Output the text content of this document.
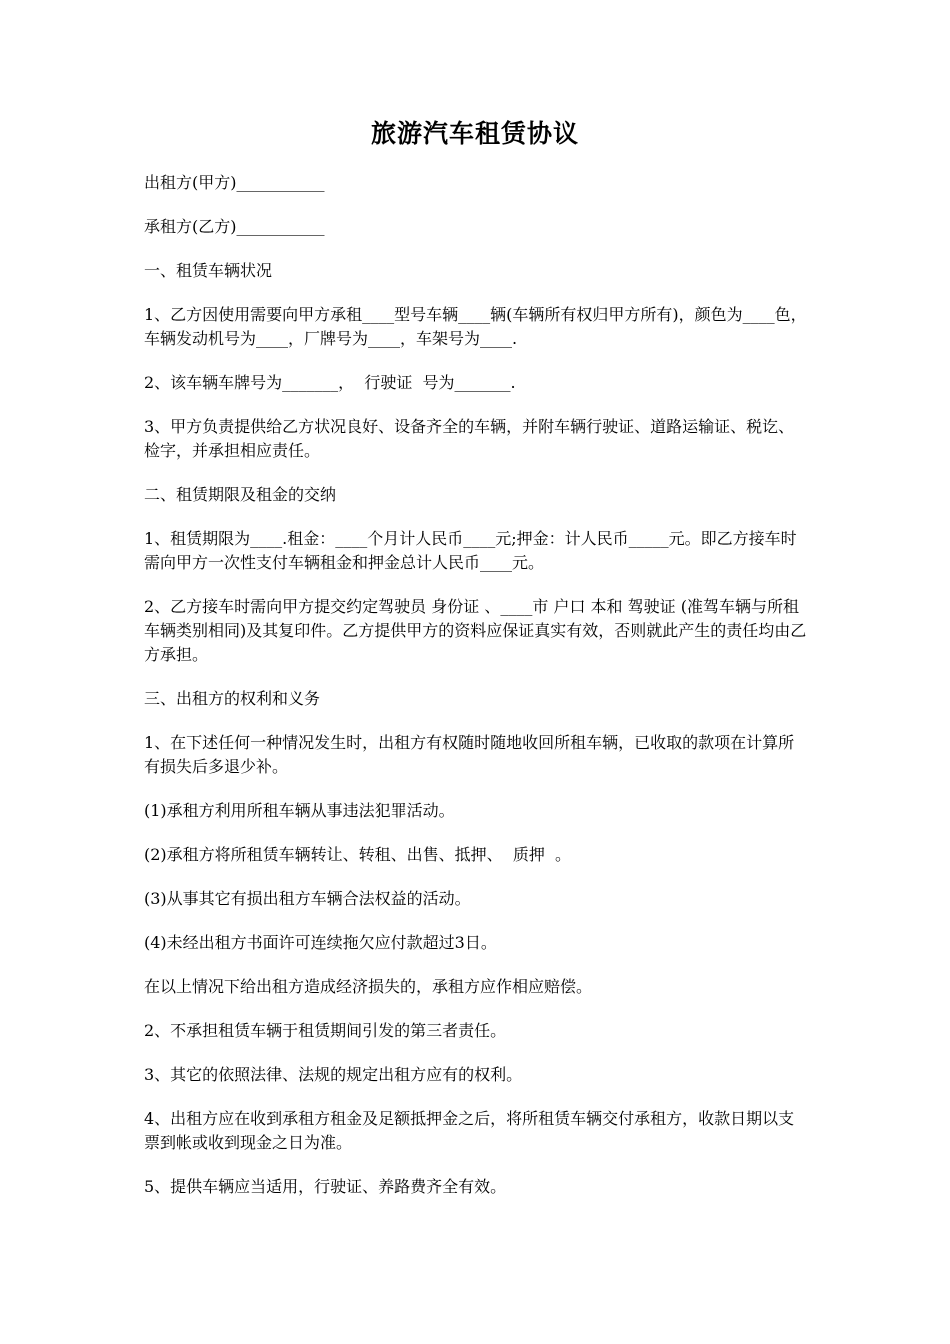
旅游汽车租赁协议

出租方(甲方)___________

承租方(乙方)___________

一、租赁车辆状况

1、乙方因使用需要向甲方承租____型号车辆____辆(车辆所有权归甲方所有)，颜色为____色，车辆发动机号为____，厂牌号为____，车架号为____.

2、该车辆车牌号为_______，  行驶证  号为_______.

3、甲方负责提供给乙方状况良好、设备齐全的车辆，并附车辆行驶证、道路运输证、税讫、检字，并承担相应责任。

二、租赁期限及租金的交纳

1、租赁期限为____.租金：____个月计人民币____元;押金：计人民币_____元。即乙方接车时需向甲方一次性支付车辆租金和押金总计人民币____元。

2、乙方接车时需向甲方提交约定驾驶员 身份证 、____市 户口 本和 驾驶证 (准驾车辆与所租车辆类别相同)及其复印件。乙方提供甲方的资料应保证真实有效，否则就此产生的责任均由乙方承担。

三、出租方的权利和义务

1、在下述任何一种情况发生时，出租方有权随时随地收回所租车辆，已收取的款项在计算所有损失后多退少补。

(1)承租方利用所租车辆从事违法犯罪活动。

(2)承租方将所租赁车辆转让、转租、出售、抵押、  质押  。

(3)从事其它有损出租方车辆合法权益的活动。

(4)未经出租方书面许可连续拖欠应付款超过3日。

在以上情况下给出租方造成经济损失的，承租方应作相应赔偿。

2、不承担租赁车辆于租赁期间引发的第三者责任。

3、其它的依照法律、法规的规定出租方应有的权利。

4、出租方应在收到承租方租金及足额抵押金之后，将所租赁车辆交付承租方，收款日期以支票到帐或收到现金之日为准。

5、提供车辆应当适用，行驶证、养路费齐全有效。
